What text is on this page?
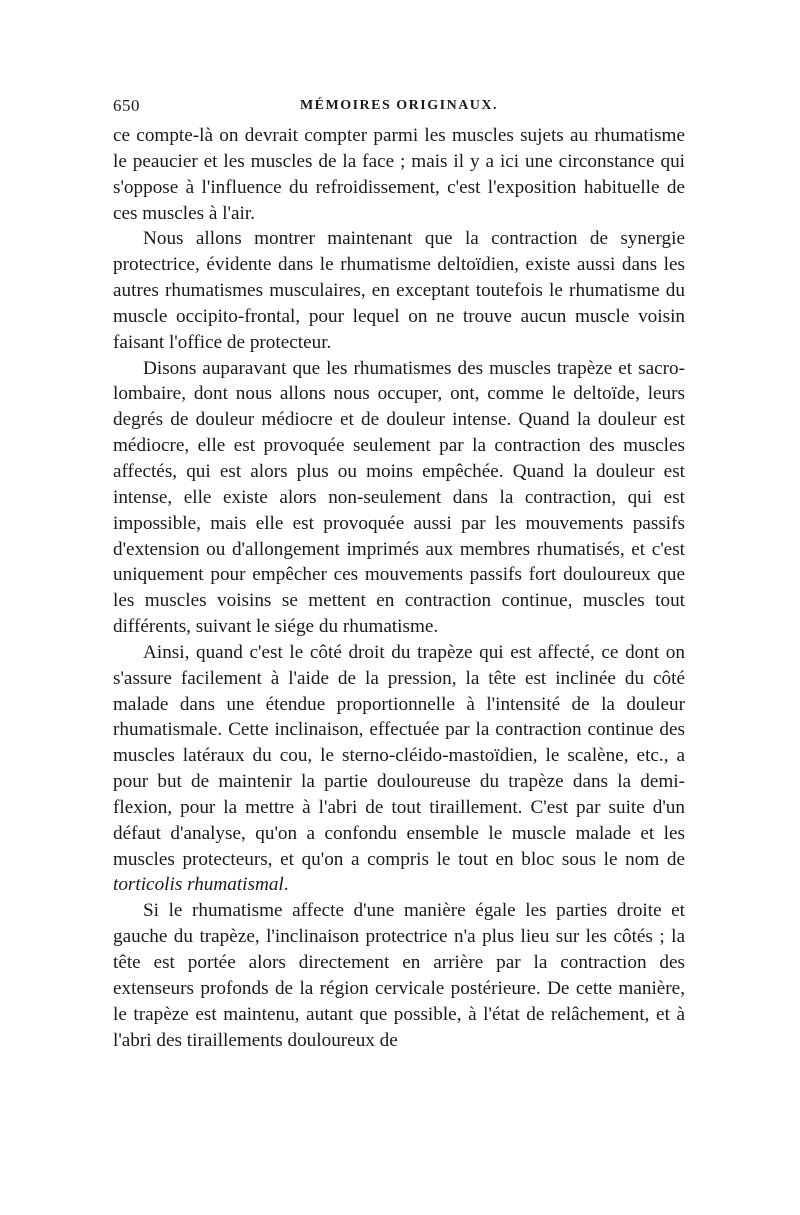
650	MÉMOIRES ORIGINAUX.

ce compte-là on devrait compter parmi les muscles sujets au rhumatisme le peaucier et les muscles de la face ; mais il y a ici une circonstance qui s'oppose à l'influence du refroidissement, c'est l'exposition habituelle de ces muscles à l'air.

Nous allons montrer maintenant que la contraction de synergie protectrice, évidente dans le rhumatisme deltoïdien, existe aussi dans les autres rhumatismes musculaires, en exceptant toutefois le rhumatisme du muscle occipito-frontal, pour lequel on ne trouve aucun muscle voisin faisant l'office de protecteur.

Disons auparavant que les rhumatismes des muscles trapèze et sacro-lombaire, dont nous allons nous occuper, ont, comme le deltoïde, leurs degrés de douleur médiocre et de douleur intense. Quand la douleur est médiocre, elle est provoquée seulement par la contraction des muscles affectés, qui est alors plus ou moins empêchée. Quand la douleur est intense, elle existe alors non-seulement dans la contraction, qui est impossible, mais elle est provoquée aussi par les mouvements passifs d'extension ou d'allongement imprimés aux membres rhumatisés, et c'est uniquement pour empêcher ces mouvements passifs fort douloureux que les muscles voisins se mettent en contraction continue, muscles tout différents, suivant le siége du rhumatisme.

Ainsi, quand c'est le côté droit du trapèze qui est affecté, ce dont on s'assure facilement à l'aide de la pression, la tête est inclinée du côté malade dans une étendue proportionnelle à l'intensité de la douleur rhumatismale. Cette inclinaison, effectuée par la contraction continue des muscles latéraux du cou, le sterno-cléido-mastoïdien, le scalène, etc., a pour but de maintenir la partie douloureuse du trapèze dans la demi-flexion, pour la mettre à l'abri de tout tiraillement. C'est par suite d'un défaut d'analyse, qu'on a confondu ensemble le muscle malade et les muscles protecteurs, et qu'on a compris le tout en bloc sous le nom de torticolis rhumatismal.

Si le rhumatisme affecte d'une manière égale les parties droite et gauche du trapèze, l'inclinaison protectrice n'a plus lieu sur les côtés ; la tête est portée alors directement en arrière par la contraction des extenseurs profonds de la région cervicale postérieure. De cette manière, le trapèze est maintenu, autant que possible, à l'état de relâchement, et à l'abri des tiraillements douloureux de
